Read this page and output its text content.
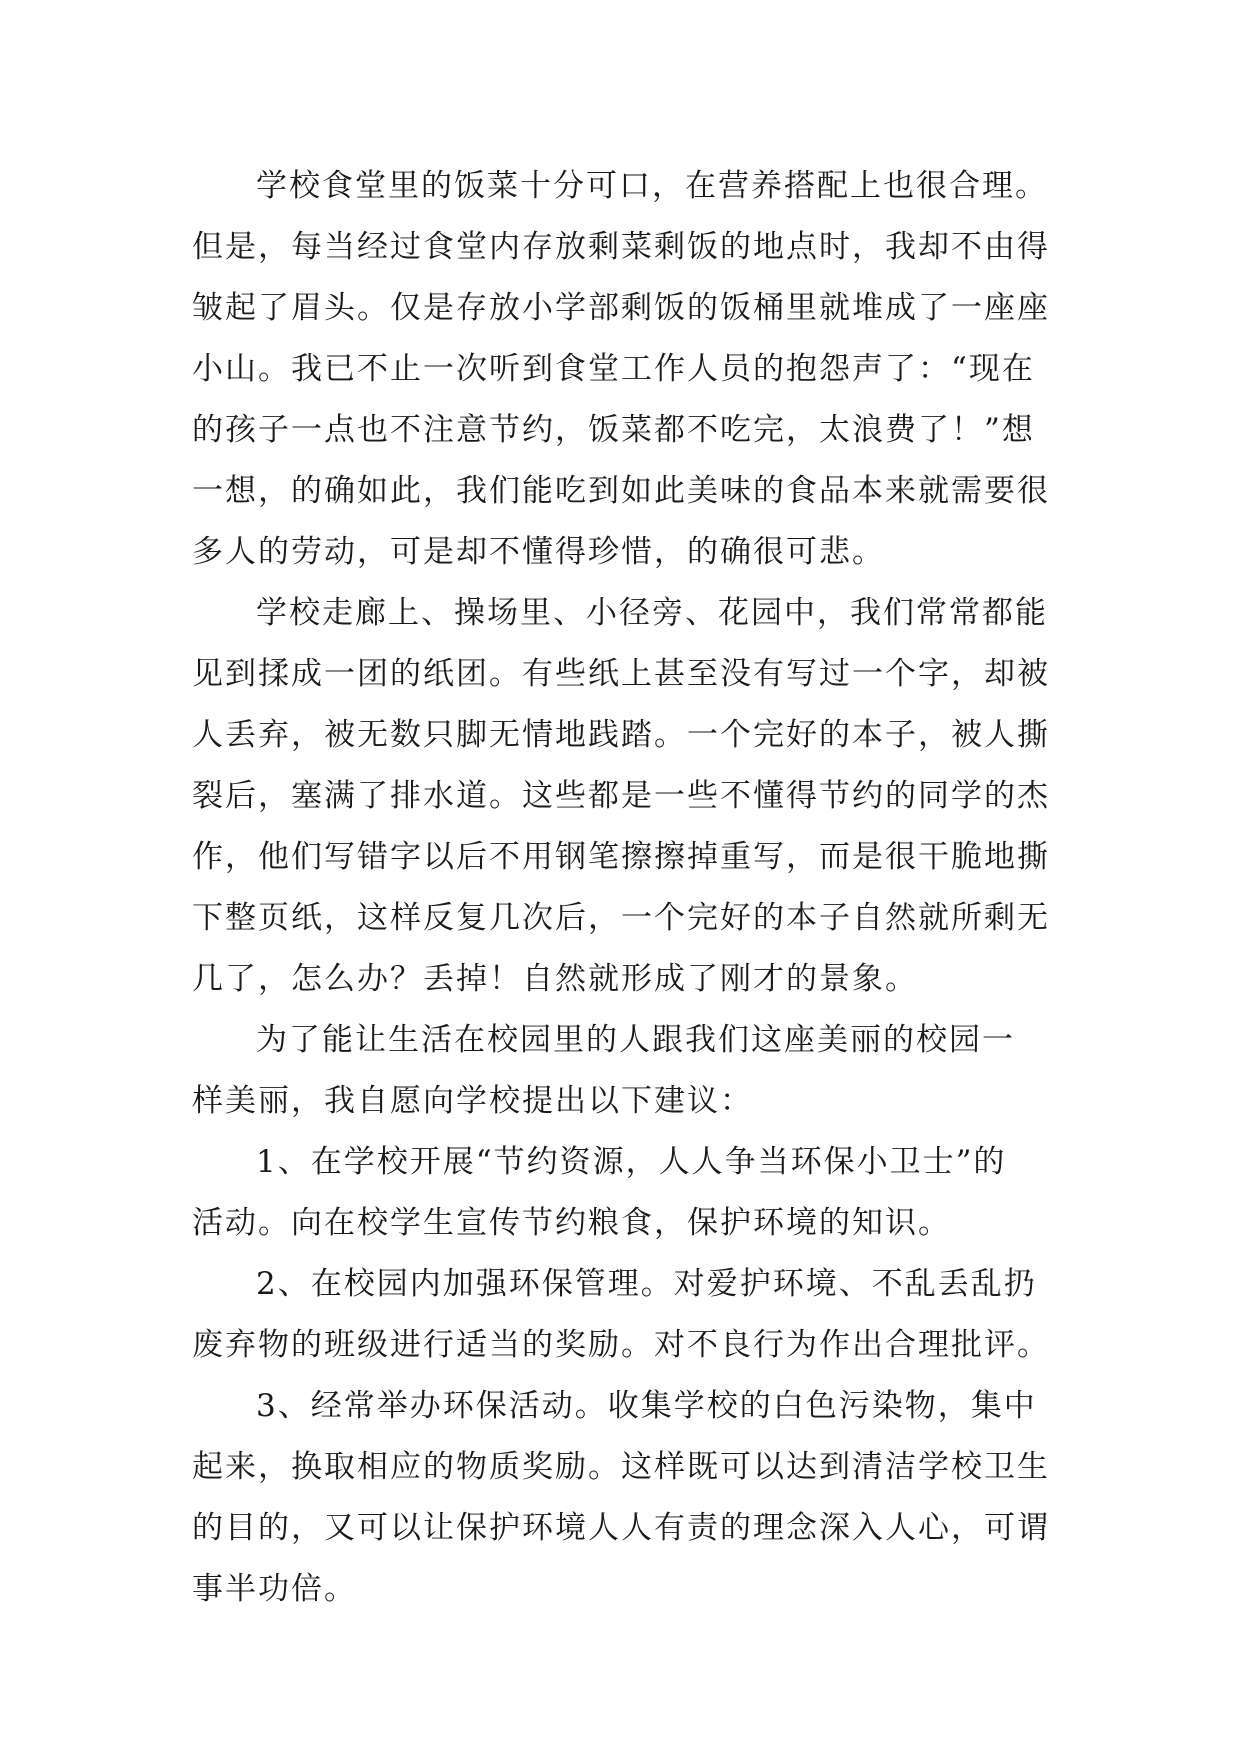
学校食堂里的饭菜十分可口，在营养搭配上也很合理。
但是，每当经过食堂内存放剩菜剩饭的地点时，我却不由得
皱起了眉头。仅是存放小学部剩饭的饭桶里就堆成了一座座
小山。我已不止一次听到食堂工作人员的抱怨声了：“现在
的孩子一点也不注意节约，饭菜都不吃完，太浪费了！”想
一想，的确如此，我们能吃到如此美味的食品本来就需要很
多人的劳动，可是却不懂得珍惜，的确很可悲。
学校走廊上、操场里、小径旁、花园中，我们常常都能
见到揉成一团的纸团。有些纸上甚至没有写过一个字，却被
人丢弃，被无数只脚无情地践踏。一个完好的本子，被人撕
裂后，塞满了排水道。这些都是一些不懂得节约的同学的杰
作，他们写错字以后不用钢笔擦擦掉重写，而是很干脆地撕
下整页纸，这样反复几次后，一个完好的本子自然就所剩无
几了，怎么办？丢掉！自然就形成了刚才的景象。
为了能让生活在校园里的人跟我们这座美丽的校园一
样美丽，我自愿向学校提出以下建议：
1、在学校开展“节约资源，人人争当环保小卫士”的
活动。向在校学生宣传节约粮食，保护环境的知识。
2、在校园内加强环保管理。对爱护环境、不乱丢乱扔
废弃物的班级进行适当的奖励。对不良行为作出合理批评。
3、经常举办环保活动。收集学校的白色污染物，集中
起来，换取相应的物质奖励。这样既可以达到清洁学校卫生
的目的，又可以让保护环境人人有责的理念深入人心，可谓
事半功倍。
